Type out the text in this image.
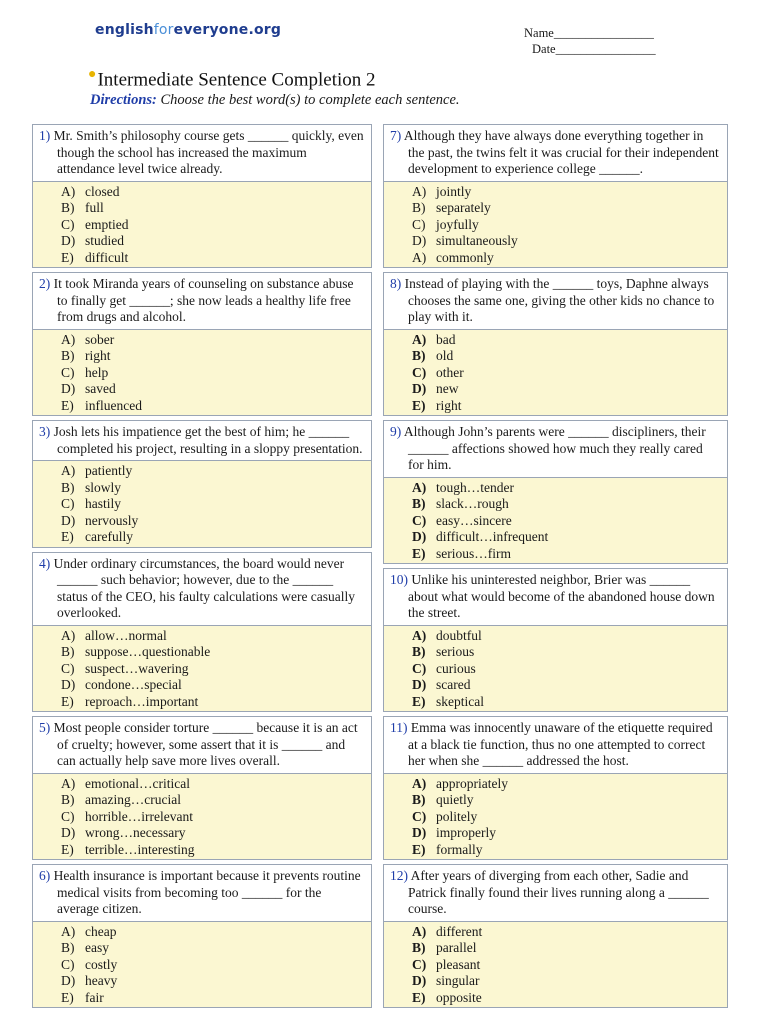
englishforeveryone.org	Name________________
Date________________
●Intermediate Sentence Completion 2
Directions: Choose the best word(s) to complete each sentence.
1) Mr. Smith’s philosophy course gets ______ quickly, even though the school has increased the maximum attendance level twice already.
A) closed
B) full
C) emptied
D) studied
E) difficult
2) It took Miranda years of counseling on substance abuse to finally get ______; she now leads a healthy life free from drugs and alcohol.
A) sober
B) right
C) help
D) saved
E) influenced
3) Josh lets his impatience get the best of him; he ______ completed his project, resulting in a sloppy presentation.
A) patiently
B) slowly
C) hastily
D) nervously
E) carefully
4) Under ordinary circumstances, the board would never ______ such behavior; however, due to the ______ status of the CEO, his faulty calculations were casually overlooked.
A) allow…normal
B) suppose…questionable
C) suspect…wavering
D) condone…special
E) reproach…important
5) Most people consider torture ______ because it is an act of cruelty; however, some assert that it is ______ and can actually help save more lives overall.
A) emotional…critical
B) amazing…crucial
C) horrible…irrelevant
D) wrong…necessary
E) terrible…interesting
6) Health insurance is important because it prevents routine medical visits from becoming too ______ for the average citizen.
A) cheap
B) easy
C) costly
D) heavy
E) fair
7) Although they have always done everything together in the past, the twins felt it was crucial for their independent development to experience college ______.
A) jointly
B) separately
C) joyfully
D) simultaneously
A) commonly
8) Instead of playing with the ______ toys, Daphne always chooses the same one, giving the other kids no chance to play with it.
A) bad
B) old
C) other
D) new
E) right
9) Although John’s parents were ______ discipliners, their ______ affections showed how much they really cared for him.
A) tough…tender
B) slack…rough
C) easy…sincere
D) difficult…infrequent
E) serious…firm
10) Unlike his uninterested neighbor, Brier was ______ about what would become of the abandoned house down the street.
A) doubtful
B) serious
C) curious
D) scared
E) skeptical
11) Emma was innocently unaware of the etiquette required at a black tie function, thus no one attempted to correct her when she ______ addressed the host.
A) appropriately
B) quietly
C) politely
D) improperly
E) formally
12) After years of diverging from each other, Sadie and Patrick finally found their lives running along a ______ course.
A) different
B) parallel
C) pleasant
D) singular
E) opposite
